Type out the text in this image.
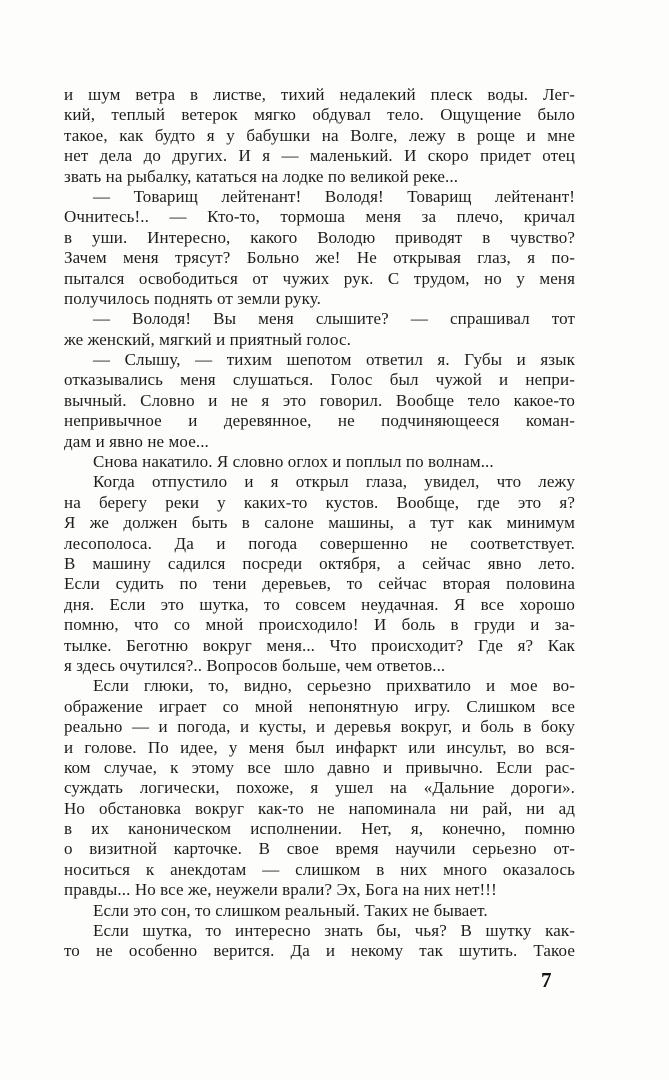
и шум ветра в листве, тихий недалекий плеск воды. Лег-
кий, теплый ветерок мягко обдувал тело. Ощущение было
такое, как будто я у бабушки на Волге, лежу в роще и мне
нет дела до других. И я — маленький. И скоро придет отец
звать на рыбалку, кататься на лодке по великой реке...
— Товарищ лейтенант! Володя! Товарищ лейтенант!
Очнитесь!.. — Кто-то, тормоша меня за плечо, кричал
в уши. Интересно, какого Володю приводят в чувство?
Зачем меня трясут? Больно же! Не открывая глаз, я по-
пытался освободиться от чужих рук. С трудом, но у меня
получилось поднять от земли руку.
— Володя! Вы меня слышите? — спрашивал тот
же женский, мягкий и приятный голос.
— Слышу, — тихим шепотом ответил я. Губы и язык
отказывались меня слушаться. Голос был чужой и непри-
вычный. Словно и не я это говорил. Вообще тело какое-то
непривычное и деревянное, не подчиняющееся коман-
дам и явно не мое...
Снова накатило. Я словно оглох и поплыл по волнам...
Когда отпустило и я открыл глаза, увидел, что лежу
на берегу реки у каких-то кустов. Вообще, где это я?
Я же должен быть в салоне машины, а тут как минимум
лесополоса. Да и погода совершенно не соответствует.
В машину садился посреди октября, а сейчас явно лето.
Если судить по тени деревьев, то сейчас вторая половина
дня. Если это шутка, то совсем неудачная. Я все хорошо
помню, что со мной происходило! И боль в груди и за-
тылке. Беготню вокруг меня... Что происходит? Где я? Как
я здесь очутился?.. Вопросов больше, чем ответов...
Если глюки, то, видно, серьезно прихватило и мое во-
ображение играет со мной непонятную игру. Слишком все
реально — и погода, и кусты, и деревья вокруг, и боль в боку
и голове. По идее, у меня был инфаркт или инсульт, во вся-
ком случае, к этому все шло давно и привычно. Если рас-
суждать логически, похоже, я ушел на «Дальние дороги».
Но обстановка вокруг как-то не напоминала ни рай, ни ад
в их каноническом исполнении. Нет, я, конечно, помню
о визитной карточке. В свое время научили серьезно от-
носиться к анекдотам — слишком в них много оказалось
правды... Но все же, неужели врали? Эх, Бога на них нет!!!
Если это сон, то слишком реальный. Таких не бывает.
Если шутка, то интересно знать бы, чья? В шутку как-
то не особенно верится. Да и некому так шутить. Такое
7
